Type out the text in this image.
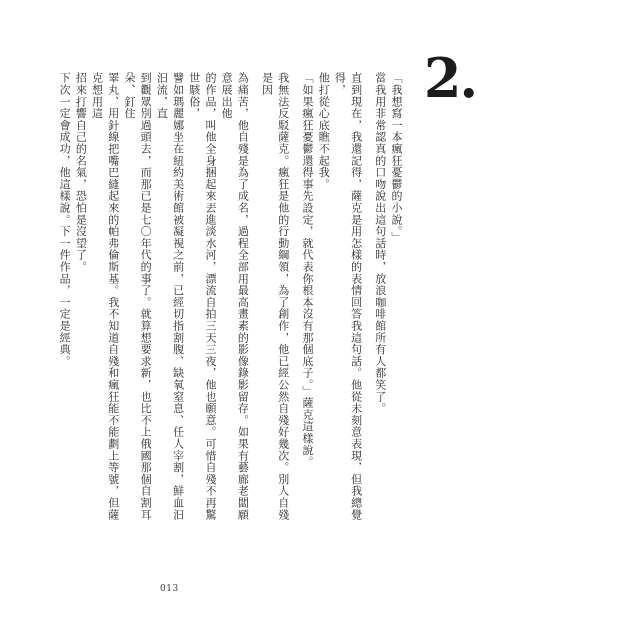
2.

「我想寫一本瘋狂憂鬱的小說。」

當我用非常認真的口吻說出這句話時，放浪咖啡館所有人都笑了。

直到現在，我還記得，薩克是用怎樣的表情回答我這句話。他從未刻意表現，但我總覺得，

他打從心底瞧不起我。

「如果瘋狂憂鬱還得事先設定，就代表你根本沒有那個底子。」薩克這樣說。

我無法反駁薩克。瘋狂是他的行動綱領，為了創作，他已經公然自殘好幾次。別人自殘是因

為痛苦，他自殘是為了成名，過程全部用最高畫素的影像錄影留存。如果有藝廊老闆願意展出他

的作品，叫他全身捆起來丟進淡水河，漂流自拍三天三夜，他也願意。可惜自殘不再驚世駭俗，

譬如瑪麗娜坐在紐約美術館被凝視之前，已經切指割腹、缺氧窒息、任人宰割，鮮血汩汩流，直

到觀眾別過頭去，而那已是七〇年代的事了。就算想要求新，也比不上俄國那個自割耳朵、釘住

睪丸、用針線把嘴巴縫起來的帕弗倫斯基。我不知道自殘和瘋狂能不能劃上等號，但薩克想用這

招來打響自己的名氣，恐怕是沒望了。

下次一定會成功，他這樣說。下一件作品，一定是經典。

013
